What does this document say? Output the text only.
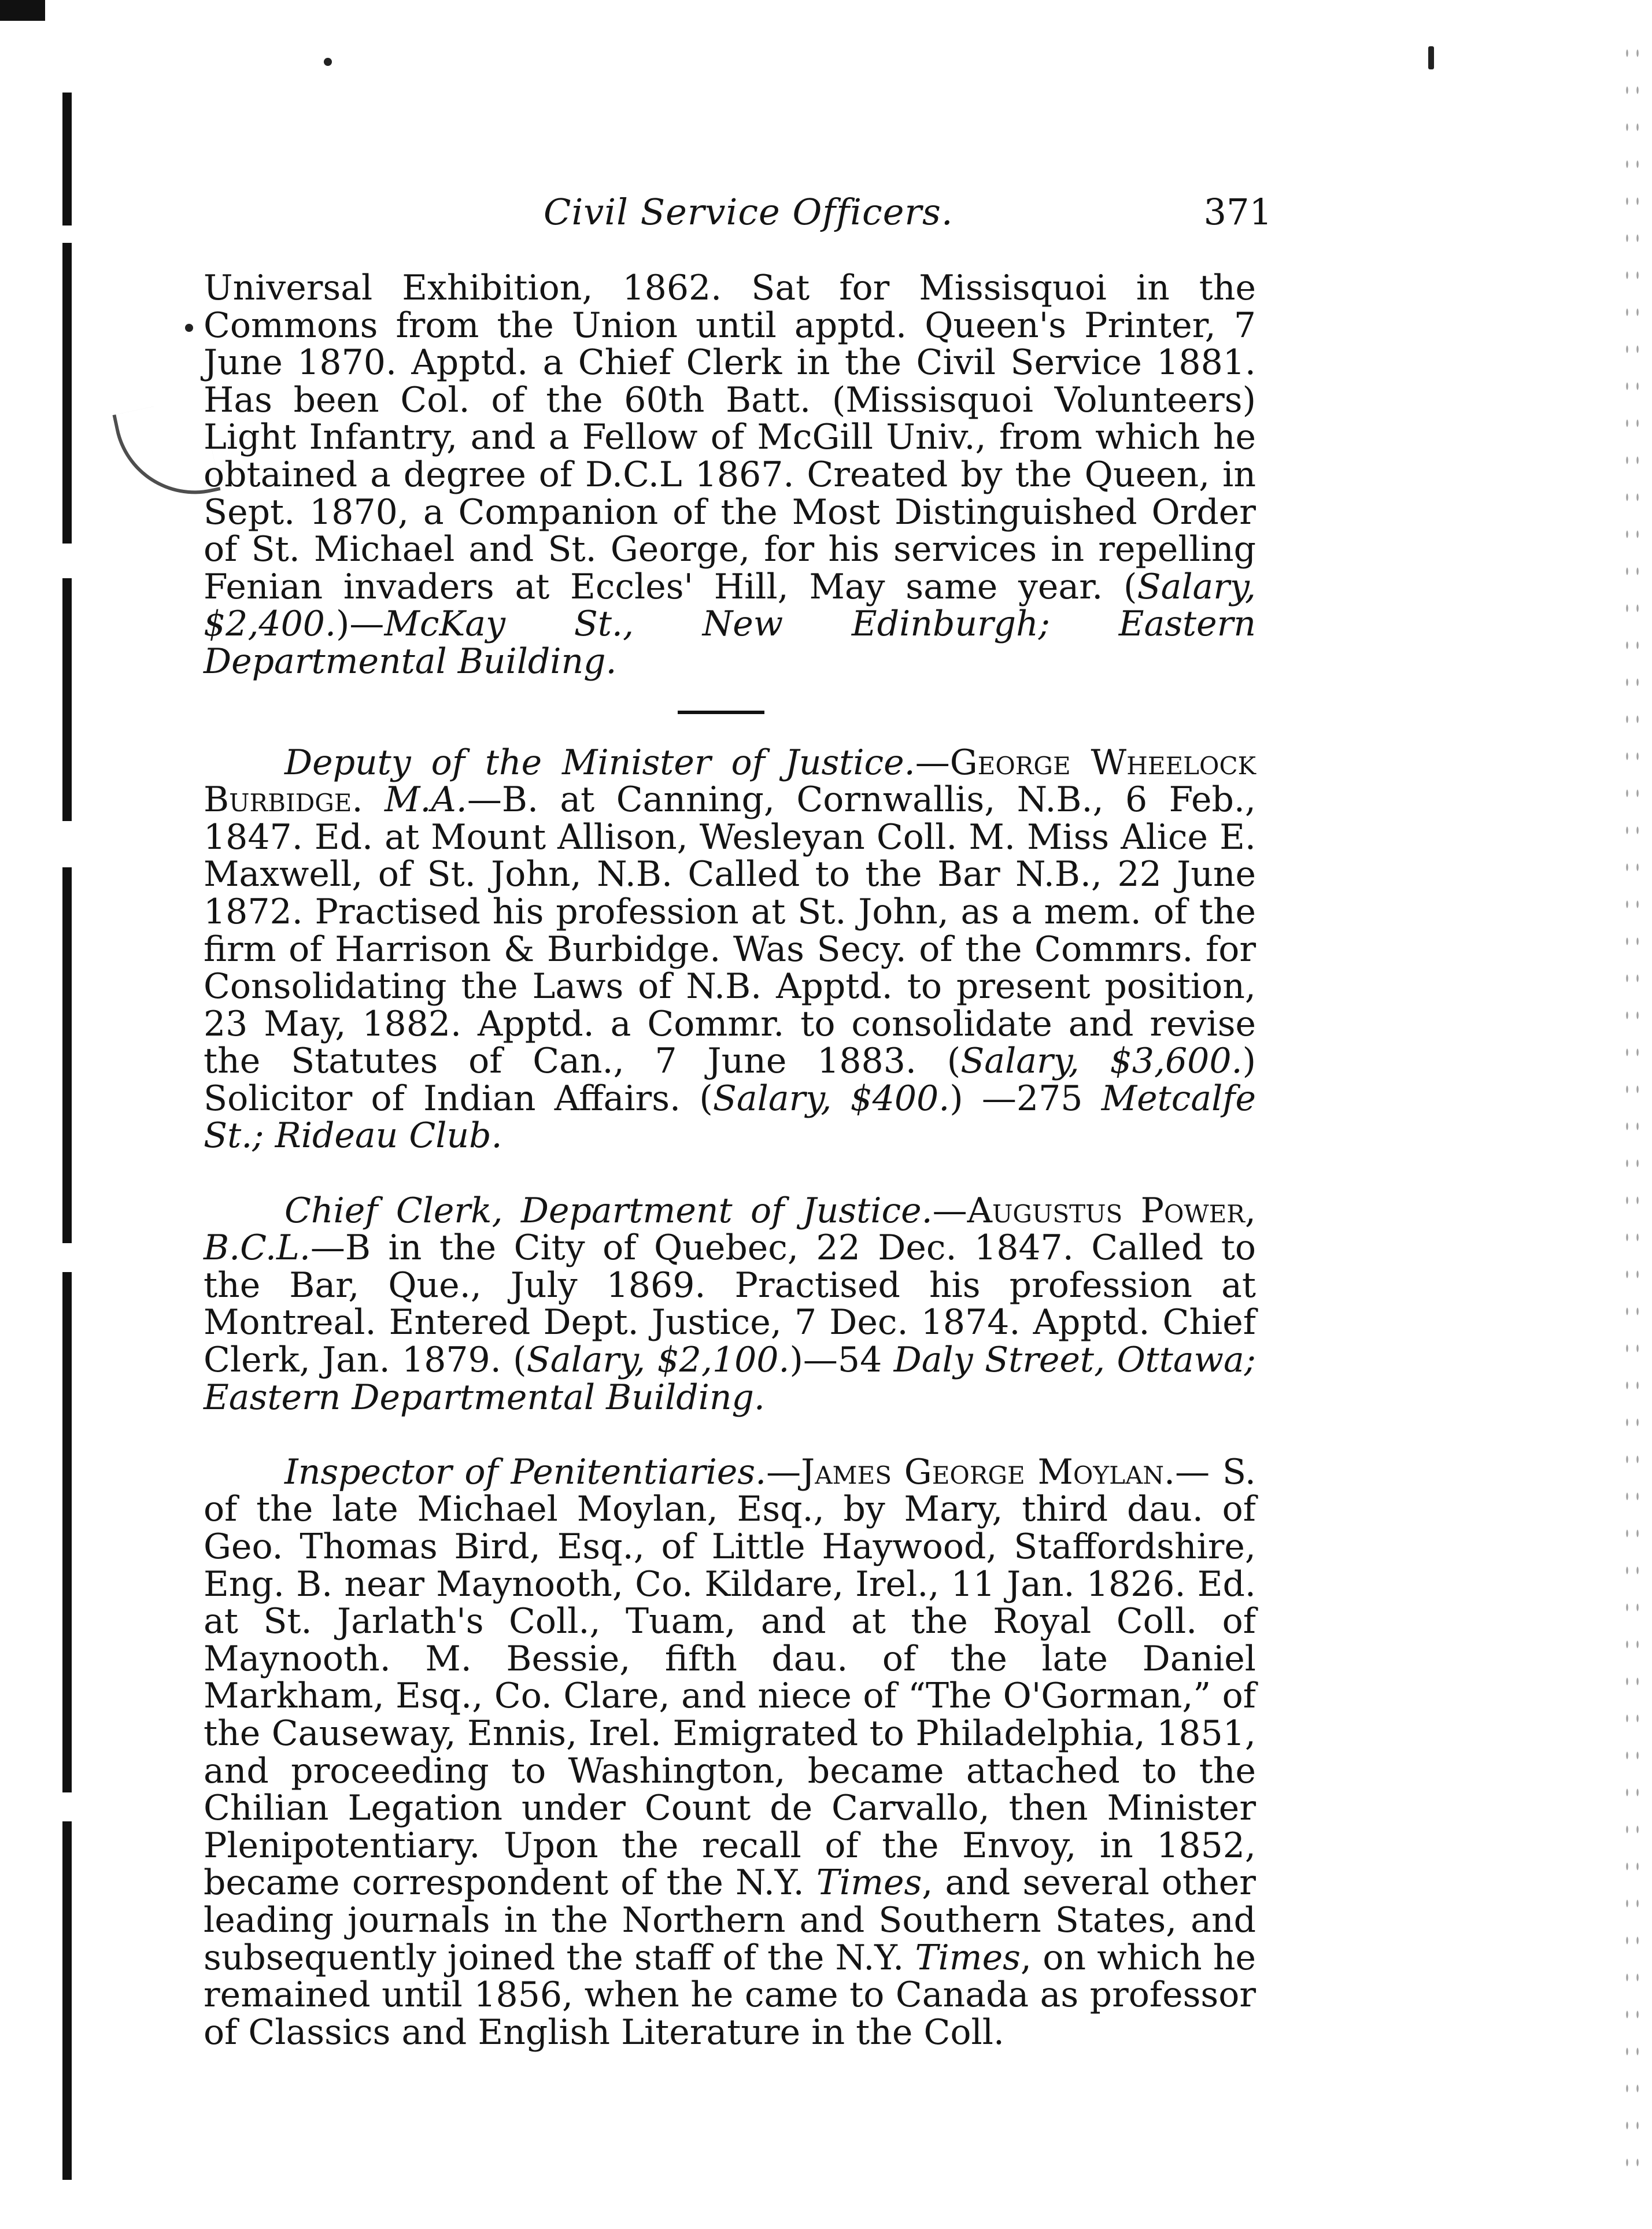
Civil Service Officers.	371

Universal Exhibition, 1862. Sat for Missisquoi in the Commons from the Union until apptd. Queen's Printer, 7 June 1870. Apptd. a Chief Clerk in the Civil Service 1881. Has been Col. of the 60th Batt. (Missisquoi Volunteers) Light Infantry, and a Fellow of McGill Univ., from which he obtained a degree of D.C.L 1867. Created by the Queen, in Sept. 1870, a Companion of the Most Distinguished Order of St. Michael and St. George, for his services in repelling Fenian invaders at Eccles' Hill, May same year. (Salary, $2,400.)—McKay St., New Edinburgh; Eastern Departmental Building.

Deputy of the Minister of Justice.—George Wheelock Burbidge. M.A.—B. at Canning, Cornwallis, N.B., 6 Feb., 1847. Ed. at Mount Allison, Wesleyan Coll. M. Miss Alice E. Maxwell, of St. John, N.B. Called to the Bar N.B., 22 June 1872. Practised his profession at St. John, as a mem. of the firm of Harrison & Burbidge. Was Secy. of the Commrs. for Consolidating the Laws of N.B. Apptd. to present position, 23 May, 1882. Apptd. a Commr. to consolidate and revise the Statutes of Can., 7 June 1883. (Salary, $3,600.) Solicitor of Indian Affairs. (Salary, $400.) —275 Metcalfe St.; Rideau Club.

Chief Clerk, Department of Justice.—Augustus Power, B.C.L.—B in the City of Quebec, 22 Dec. 1847. Called to the Bar, Que., July 1869. Practised his profession at Montreal. Entered Dept. Justice, 7 Dec. 1874. Apptd. Chief Clerk, Jan. 1879. (Salary, $2,100.)—54 Daly Street, Ottawa; Eastern Departmental Building.

Inspector of Penitentiaries.—James George Moylan.— S. of the late Michael Moylan, Esq., by Mary, third dau. of Geo. Thomas Bird, Esq., of Little Haywood, Staffordshire, Eng. B. near Maynooth, Co. Kildare, Irel., 11 Jan. 1826. Ed. at St. Jarlath's Coll., Tuam, and at the Royal Coll. of Maynooth. M. Bessie, fifth dau. of the late Daniel Markham, Esq., Co. Clare, and niece of “The O'Gorman,” of the Causeway, Ennis, Irel. Emigrated to Philadelphia, 1851, and proceeding to Washington, became attached to the Chilian Legation under Count de Carvallo, then Minister Plenipotentiary. Upon the recall of the Envoy, in 1852, became correspondent of the N.Y. Times, and several other leading journals in the Northern and Southern States, and subsequently joined the staff of the N.Y. Times, on which he remained until 1856, when he came to Canada as professor of Classics and English Literature in the Coll.
